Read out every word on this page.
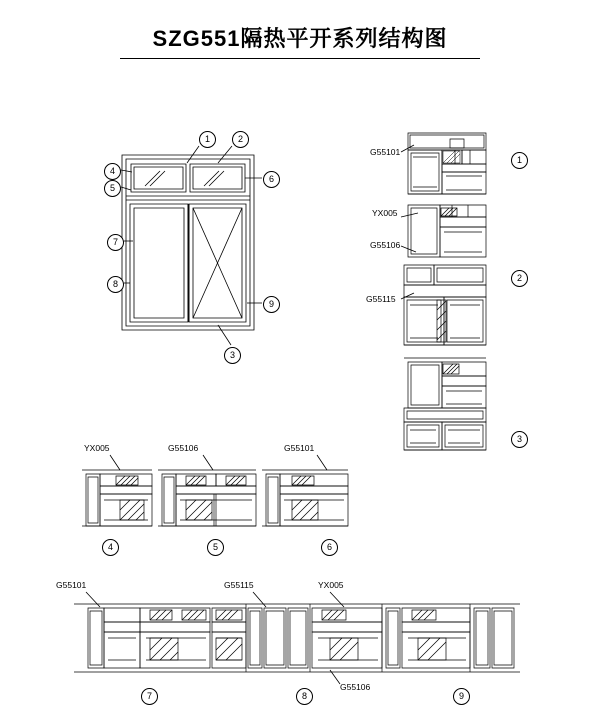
SZG551隔热平开系列结构图
1	2
3
4
5
6
7
8
9
G55101
YX005
G55106
G55115
1
2
3
YX005	G55106	G55101
4	5	6
G55101	G55115	YX005
G55106
7	8	9
